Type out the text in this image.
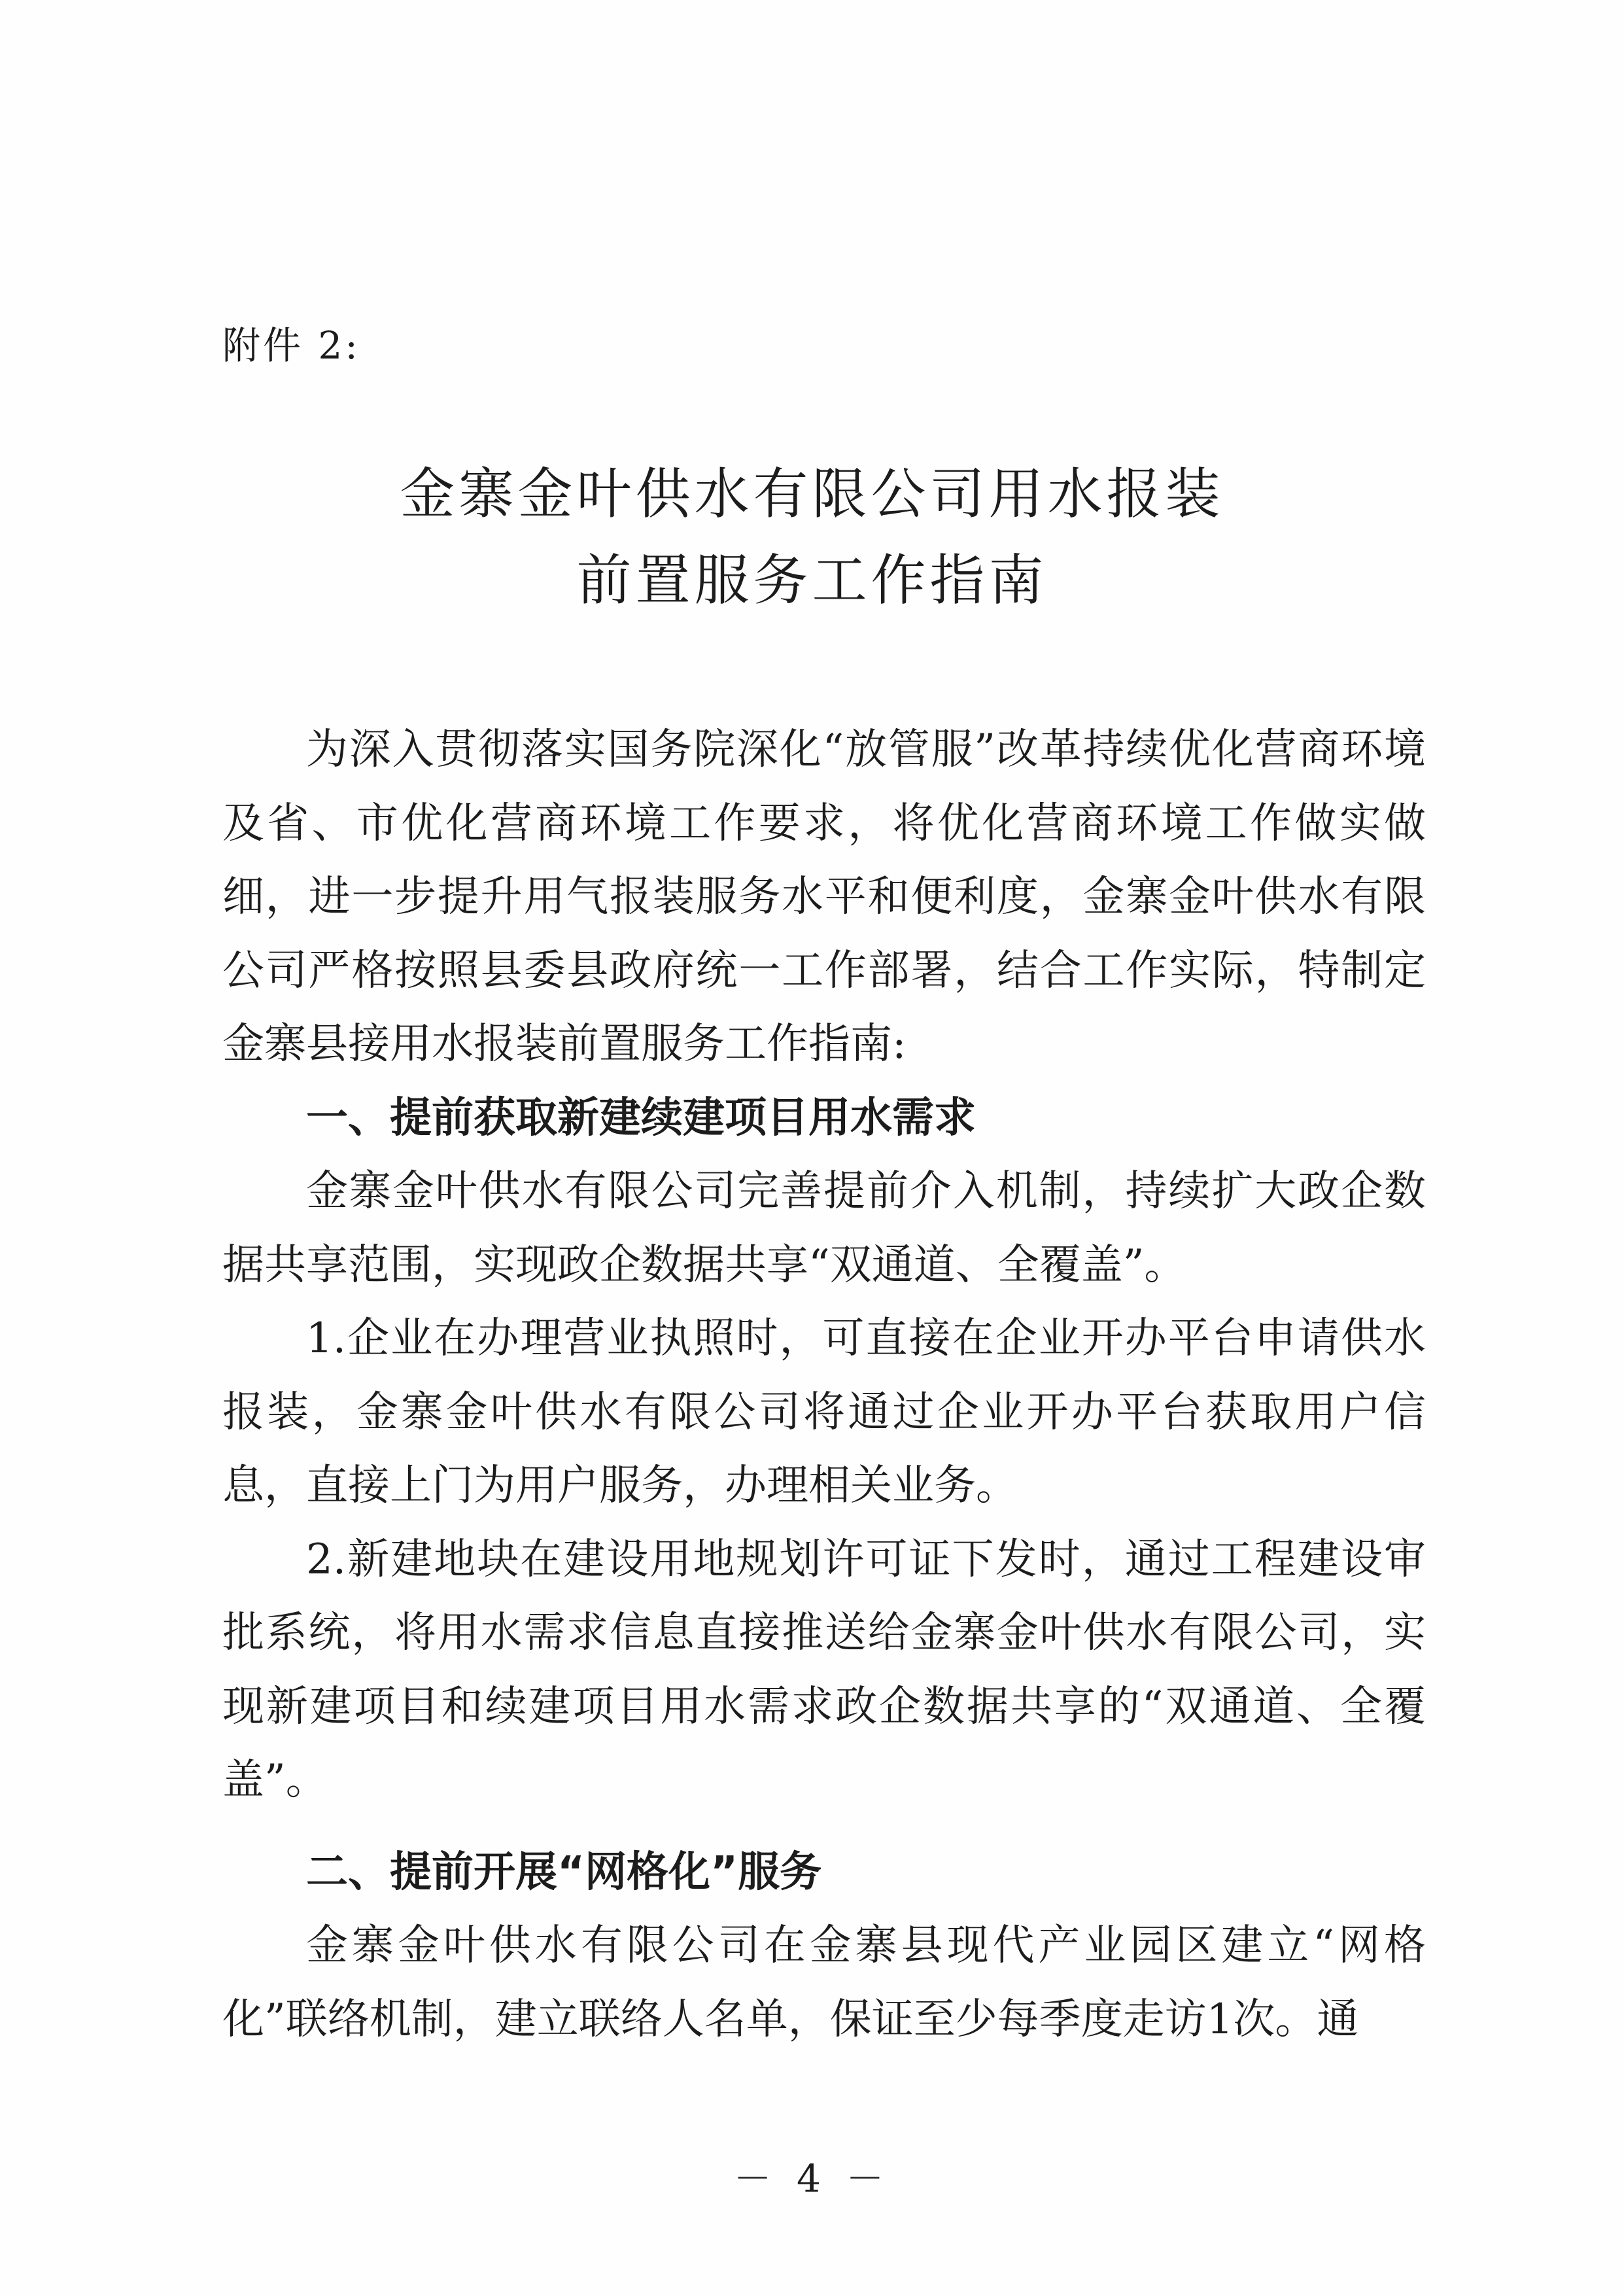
附件 2:
金寨金叶供水有限公司用水报装
前置服务工作指南

为深入贯彻落实国务院深化“放管服”改革持续优化营商环境及省、市优化营商环境工作要求，将优化营商环境工作做实做细，进一步提升用气报装服务水平和便利度，金寨金叶供水有限公司严格按照县委县政府统一工作部署，结合工作实际，特制定金寨县接用水报装前置服务工作指南:

一、提前获取新建续建项目用水需求

金寨金叶供水有限公司完善提前介入机制，持续扩大政企数据共享范围，实现政企数据共享“双通道、全覆盖”。

1.企业在办理营业执照时，可直接在企业开办平台申请供水报装，金寨金叶供水有限公司将通过企业开办平台获取用户信息，直接上门为用户服务，办理相关业务。

2.新建地块在建设用地规划许可证下发时，通过工程建设审批系统，将用水需求信息直接推送给金寨金叶供水有限公司，实现新建项目和续建项目用水需求政企数据共享的“双通道、全覆盖”。

二、提前开展“网格化”服务

金寨金叶供水有限公司在金寨县现代产业园区建立“网格化”联络机制，建立联络人名单，保证至少每季度走访1次。通

－ 4 －
